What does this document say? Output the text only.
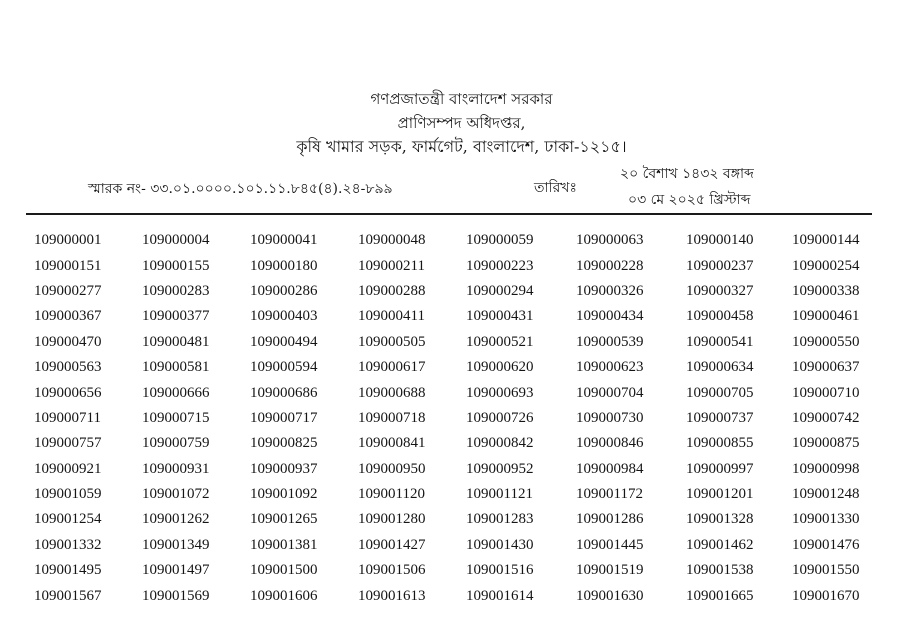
গণপ্রজাতন্ত্রী বাংলাদেশ সরকার
প্রাণিসম্পদ অধিদপ্তর,
কৃষি খামার সড়ক, ফার্মগেট, বাংলাদেশ, ঢাকা-১২১৫।
স্মারক নং- ৩৩.০১.০০০০.১০১.১১.৮৪৫(৪).২৪-৮৯৯	তারিখঃ
২০ বৈশাখ ১৪৩২ বঙ্গাব্দ
০৩ মে ২০২৫ খ্রিস্টাব্দ
109000001	109000004	109000041	109000048	109000059	109000063	109000140	109000144
109000151	109000155	109000180	109000211	109000223	109000228	109000237	109000254
109000277	109000283	109000286	109000288	109000294	109000326	109000327	109000338
109000367	109000377	109000403	109000411	109000431	109000434	109000458	109000461
109000470	109000481	109000494	109000505	109000521	109000539	109000541	109000550
109000563	109000581	109000594	109000617	109000620	109000623	109000634	109000637
109000656	109000666	109000686	109000688	109000693	109000704	109000705	109000710
109000711	109000715	109000717	109000718	109000726	109000730	109000737	109000742
109000757	109000759	109000825	109000841	109000842	109000846	109000855	109000875
109000921	109000931	109000937	109000950	109000952	109000984	109000997	109000998
109001059	109001072	109001092	109001120	109001121	109001172	109001201	109001248
109001254	109001262	109001265	109001280	109001283	109001286	109001328	109001330
109001332	109001349	109001381	109001427	109001430	109001445	109001462	109001476
109001495	109001497	109001500	109001506	109001516	109001519	109001538	109001550
109001567	109001569	109001606	109001613	109001614	109001630	109001665	109001670
